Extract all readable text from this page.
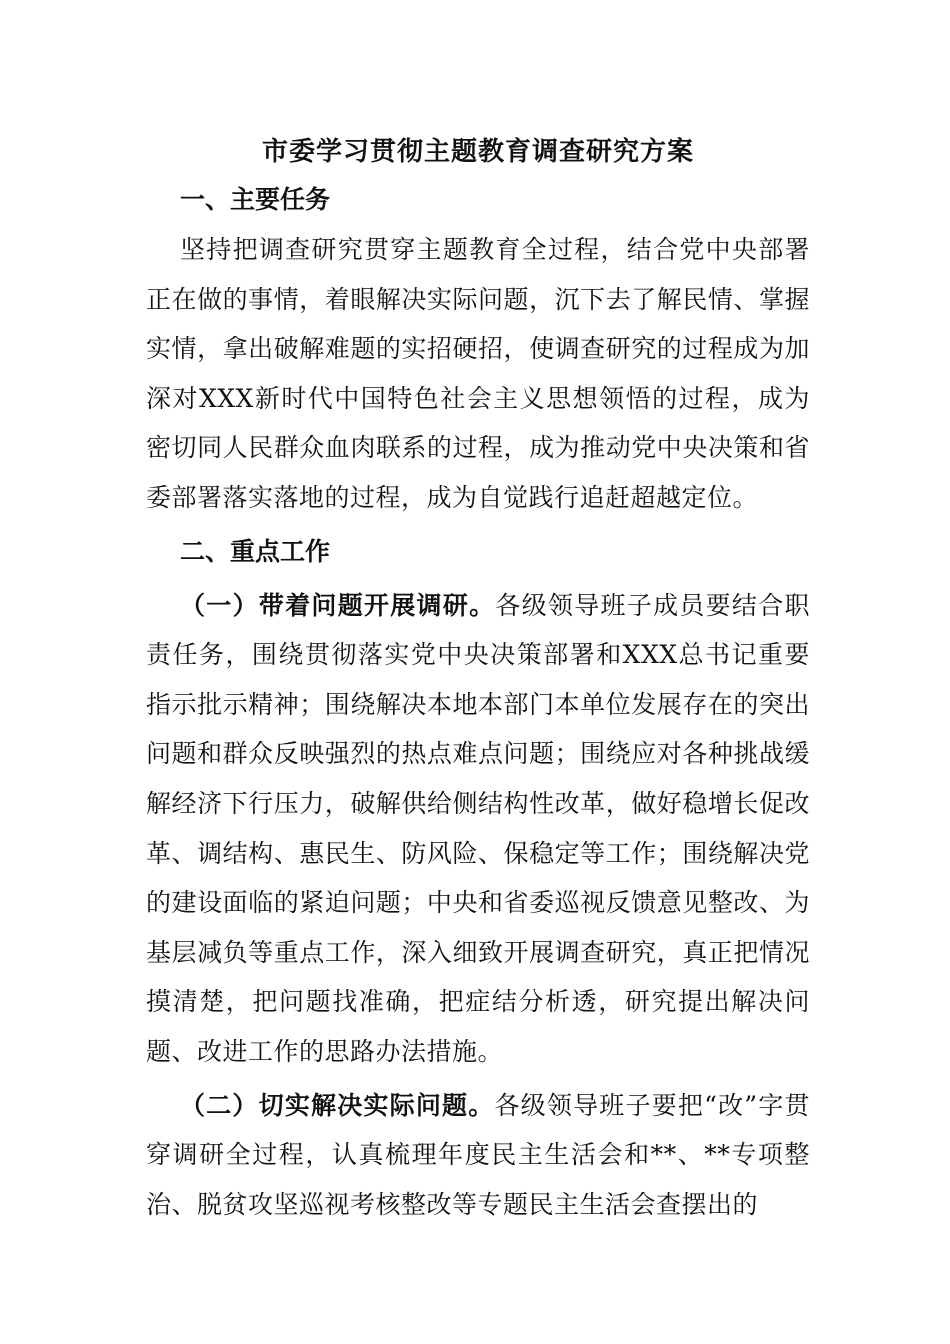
市委学习贯彻主题教育调查研究方案
一、主要任务

坚持把调查研究贯穿主题教育全过程，结合党中央部署正在做的事情，着眼解决实际问题，沉下去了解民情、掌握实情，拿出破解难题的实招硬招，使调查研究的过程成为加深对XXX新时代中国特色社会主义思想领悟的过程，成为密切同人民群众血肉联系的过程，成为推动党中央决策和省委部署落实落地的过程，成为自觉践行追赶超越定位。

二、重点工作

（一）带着问题开展调研。各级领导班子成员要结合职责任务，围绕贯彻落实党中央决策部署和XXX总书记重要指示批示精神；围绕解决本地本部门本单位发展存在的突出问题和群众反映强烈的热点难点问题；围绕应对各种挑战缓解经济下行压力，破解供给侧结构性改革，做好稳增长促改革、调结构、惠民生、防风险、保稳定等工作；围绕解决党的建设面临的紧迫问题；中央和省委巡视反馈意见整改、为基层减负等重点工作，深入细致开展调查研究，真正把情况摸清楚，把问题找准确，把症结分析透，研究提出解决问题、改进工作的思路办法措施。

（二）切实解决实际问题。各级领导班子要把“改”字贯穿调研全过程，认真梳理年度民主生活会和**、**专项整治、脱贫攻坚巡视考核整改等专题民主生活会查摆出的
